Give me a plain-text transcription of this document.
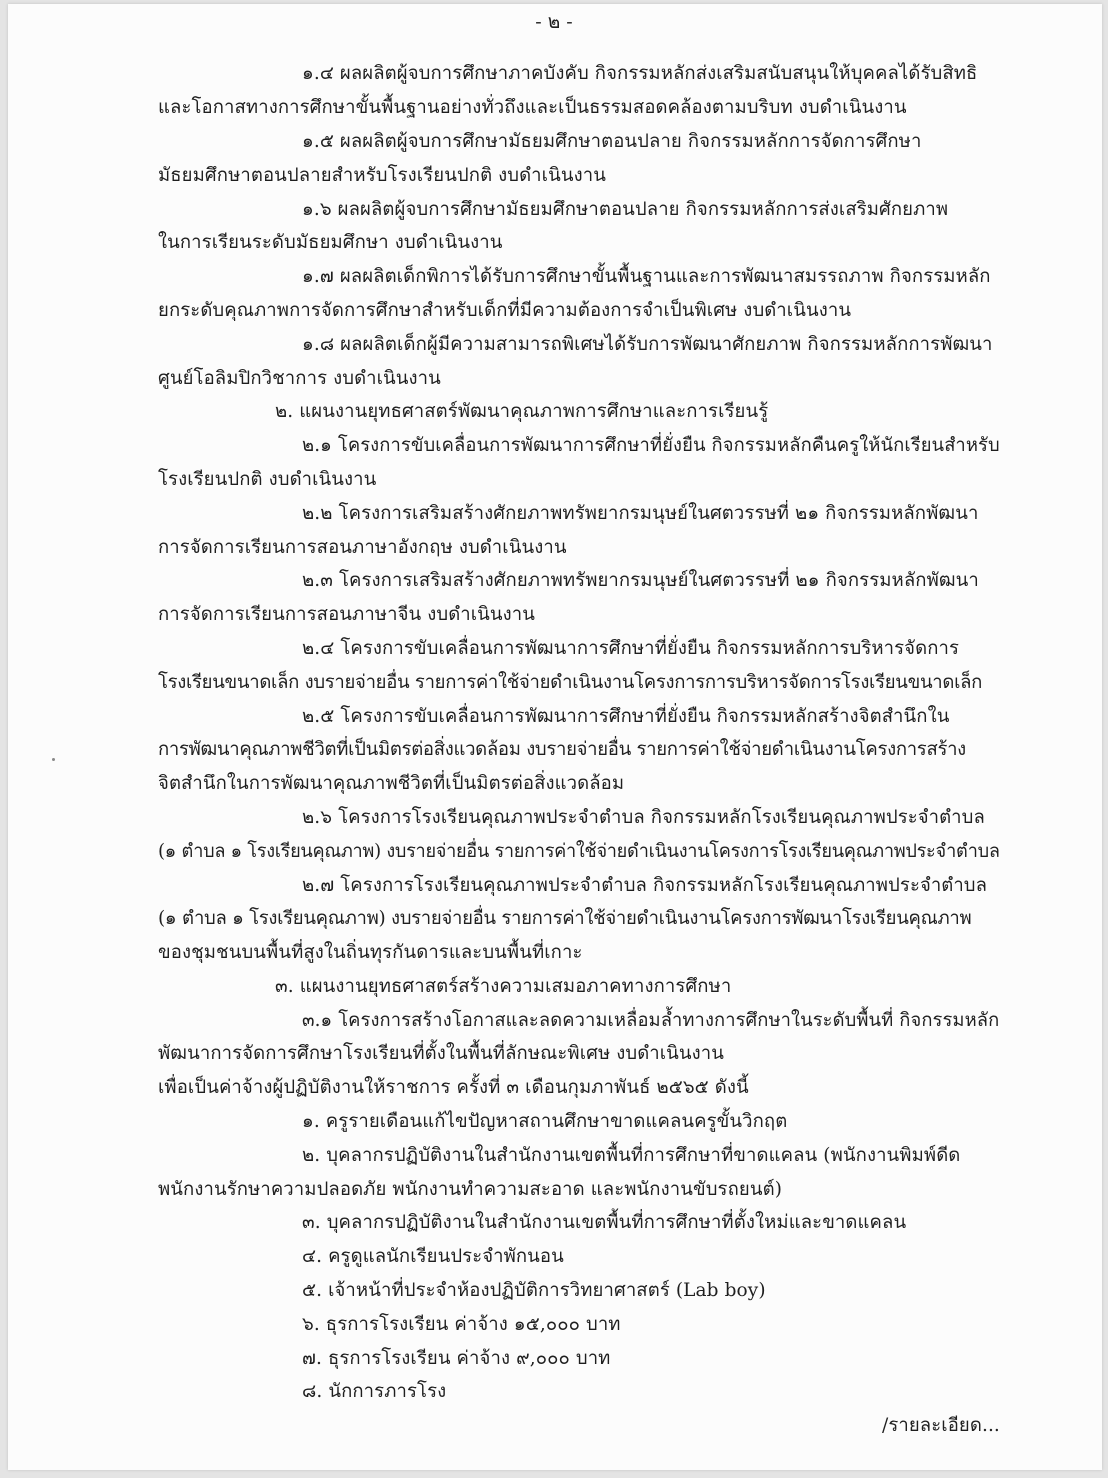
- ๒ -
๑.๔ ผลผลิตผู้จบการศึกษาภาคบังคับ กิจกรรมหลักส่งเสริมสนับสนุนให้บุคคลได้รับสิทธิ
และโอกาสทางการศึกษาขั้นพื้นฐานอย่างทั่วถึงและเป็นธรรมสอดคล้องตามบริบท งบดำเนินงาน
๑.๕ ผลผลิตผู้จบการศึกษามัธยมศึกษาตอนปลาย กิจกรรมหลักการจัดการศึกษา
มัธยมศึกษาตอนปลายสำหรับโรงเรียนปกติ งบดำเนินงาน
๑.๖ ผลผลิตผู้จบการศึกษามัธยมศึกษาตอนปลาย กิจกรรมหลักการส่งเสริมศักยภาพ
ในการเรียนระดับมัธยมศึกษา งบดำเนินงาน
๑.๗ ผลผลิตเด็กพิการได้รับการศึกษาขั้นพื้นฐานและการพัฒนาสมรรถภาพ กิจกรรมหลัก
ยกระดับคุณภาพการจัดการศึกษาสำหรับเด็กที่มีความต้องการจำเป็นพิเศษ งบดำเนินงาน
๑.๘ ผลผลิตเด็กผู้มีความสามารถพิเศษได้รับการพัฒนาศักยภาพ กิจกรรมหลักการพัฒนา
ศูนย์โอลิมปิกวิชาการ งบดำเนินงาน
๒. แผนงานยุทธศาสตร์พัฒนาคุณภาพการศึกษาและการเรียนรู้
๒.๑ โครงการขับเคลื่อนการพัฒนาการศึกษาที่ยั่งยืน กิจกรรมหลักคืนครูให้นักเรียนสำหรับ
โรงเรียนปกติ งบดำเนินงาน
๒.๒ โครงการเสริมสร้างศักยภาพทรัพยากรมนุษย์ในศตวรรษที่ ๒๑ กิจกรรมหลักพัฒนา
การจัดการเรียนการสอนภาษาอังกฤษ งบดำเนินงาน
๒.๓ โครงการเสริมสร้างศักยภาพทรัพยากรมนุษย์ในศตวรรษที่ ๒๑ กิจกรรมหลักพัฒนา
การจัดการเรียนการสอนภาษาจีน งบดำเนินงาน
๒.๔ โครงการขับเคลื่อนการพัฒนาการศึกษาที่ยั่งยืน กิจกรรมหลักการบริหารจัดการ
โรงเรียนขนาดเล็ก งบรายจ่ายอื่น รายการค่าใช้จ่ายดำเนินงานโครงการการบริหารจัดการโรงเรียนขนาดเล็ก
๒.๕ โครงการขับเคลื่อนการพัฒนาการศึกษาที่ยั่งยืน กิจกรรมหลักสร้างจิตสำนึกใน
การพัฒนาคุณภาพชีวิตที่เป็นมิตรต่อสิ่งแวดล้อม งบรายจ่ายอื่น รายการค่าใช้จ่ายดำเนินงานโครงการสร้าง
จิตสำนึกในการพัฒนาคุณภาพชีวิตที่เป็นมิตรต่อสิ่งแวดล้อม
๒.๖ โครงการโรงเรียนคุณภาพประจำตำบล กิจกรรมหลักโรงเรียนคุณภาพประจำตำบล
(๑ ตำบล ๑ โรงเรียนคุณภาพ) งบรายจ่ายอื่น รายการค่าใช้จ่ายดำเนินงานโครงการโรงเรียนคุณภาพประจำตำบล
๒.๗ โครงการโรงเรียนคุณภาพประจำตำบล กิจกรรมหลักโรงเรียนคุณภาพประจำตำบล
(๑ ตำบล ๑ โรงเรียนคุณภาพ) งบรายจ่ายอื่น รายการค่าใช้จ่ายดำเนินงานโครงการพัฒนาโรงเรียนคุณภาพ
ของชุมชนบนพื้นที่สูงในถิ่นทุรกันดารและบนพื้นที่เกาะ
๓. แผนงานยุทธศาสตร์สร้างความเสมอภาคทางการศึกษา
๓.๑ โครงการสร้างโอกาสและลดความเหลื่อมล้ำทางการศึกษาในระดับพื้นที่ กิจกรรมหลัก
พัฒนาการจัดการศึกษาโรงเรียนที่ตั้งในพื้นที่ลักษณะพิเศษ งบดำเนินงาน
เพื่อเป็นค่าจ้างผู้ปฏิบัติงานให้ราชการ ครั้งที่ ๓ เดือนกุมภาพันธ์ ๒๕๖๕ ดังนี้
๑. ครูรายเดือนแก้ไขปัญหาสถานศึกษาขาดแคลนครูขั้นวิกฤต
๒. บุคลากรปฏิบัติงานในสำนักงานเขตพื้นที่การศึกษาที่ขาดแคลน (พนักงานพิมพ์ดีด
พนักงานรักษาความปลอดภัย พนักงานทำความสะอาด และพนักงานขับรถยนต์)
๓. บุคลากรปฏิบัติงานในสำนักงานเขตพื้นที่การศึกษาที่ตั้งใหม่และขาดแคลน
๔. ครูดูแลนักเรียนประจำพักนอน
๕. เจ้าหน้าที่ประจำห้องปฏิบัติการวิทยาศาสตร์ (Lab boy)
๖. ธุรการโรงเรียน ค่าจ้าง ๑๕,๐๐๐ บาท
๗. ธุรการโรงเรียน ค่าจ้าง ๙,๐๐๐ บาท
๘. นักการภารโรง
/รายละเอียด...
